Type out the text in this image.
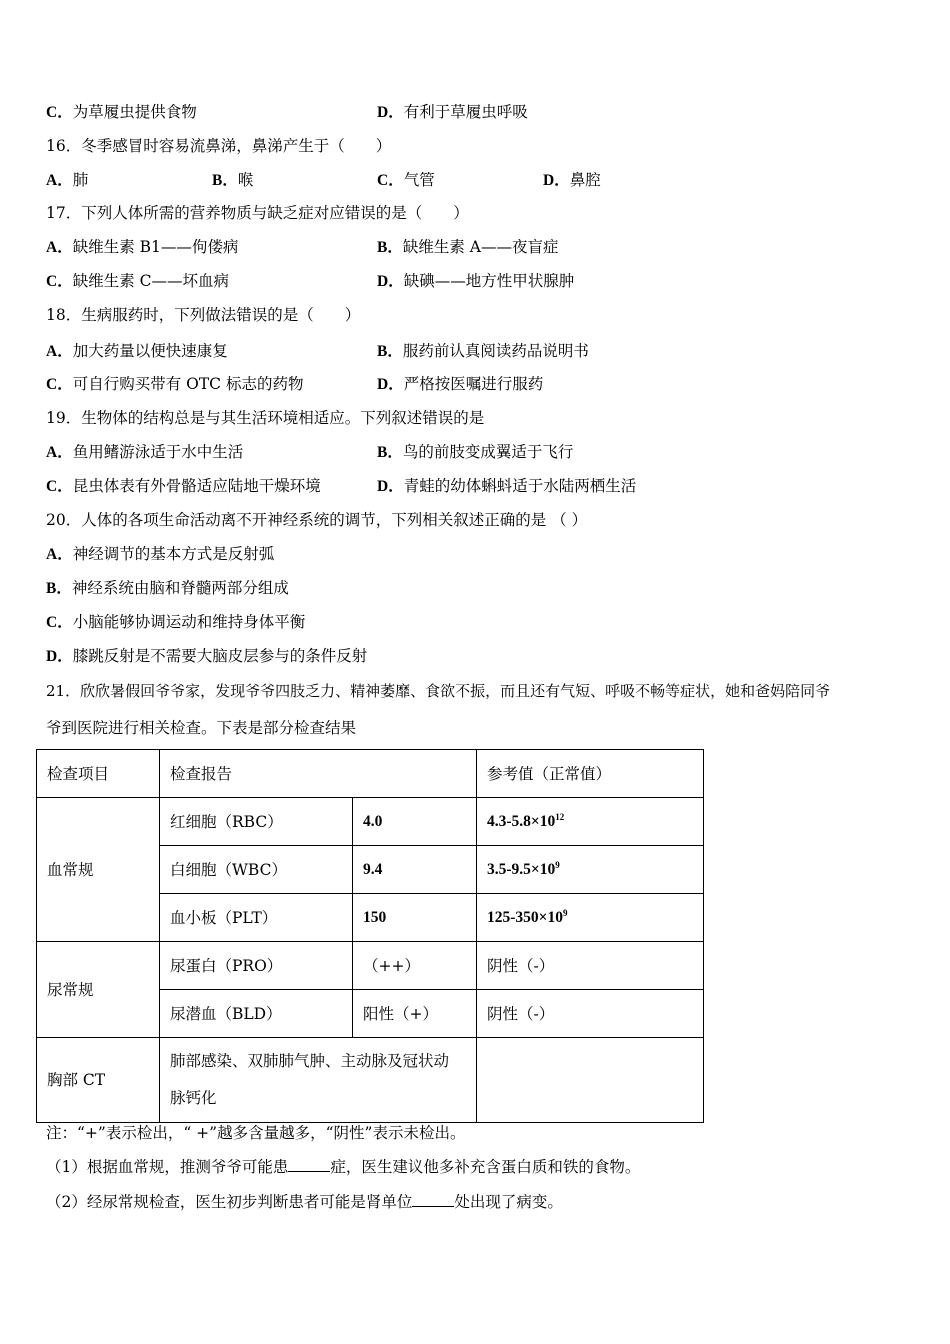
C．为草履虫提供食物	D．有利于草履虫呼吸
16．冬季感冒时容易流鼻涕，鼻涕产生于（　　）
A．肺	B．喉	C．气管	D．鼻腔
17．下列人体所需的营养物质与缺乏症对应错误的是（　　）
A．缺维生素 B1——佝偻病	B．缺维生素 A——夜盲症
C．缺维生素 C——坏血病	D．缺碘——地方性甲状腺肿
18．生病服药时，下列做法错误的是（　　）
A．加大药量以便快速康复	B．服药前认真阅读药品说明书
C．可自行购买带有 OTC 标志的药物	D．严格按医嘱进行服药
19．生物体的结构总是与其生活环境相适应。下列叙述错误的是
A．鱼用鳍游泳适于水中生活	B．鸟的前肢变成翼适于飞行
C．昆虫体表有外骨骼适应陆地干燥环境	D．青蛙的幼体蝌蚪适于水陆两栖生活
20．人体的各项生命活动离不开神经系统的调节，下列相关叙述正确的是 （ ）
A．神经调节的基本方式是反射弧
B．神经系统由脑和脊髓两部分组成
C．小脑能够协调运动和维持身体平衡
D．膝跳反射是不需要大脑皮层参与的条件反射
21．欣欣暑假回爷爷家，发现爷爷四肢乏力、精神萎靡、食欲不振，而且还有气短、呼吸不畅等症状，她和爸妈陪同爷
爷到医院进行相关检查。下表是部分检查结果
检查项目	检查报告		参考值（正常值）
血常规	红细胞（RBC）	4.0	$4.3-5.8\times 10^{12}$
	白细胞（WBC）	9.4	$3.5-9.5\times 10^9$
	血小板（PLT）	150	$125-350\times 10^9$
尿常规	尿蛋白（PRO）	（++）	阴性（-）
	尿潜血（BLD）	阳性（+）	阴性（-）
胸部 CT	肺部感染、双肺肺气肿、主动脉及冠状动
脉钙化		

注：“+”表示检出，“ +”越多含量越多，“阴性”表示未检出。
（1）根据血常规，推测爷爷可能患	症，医生建议他多补充含蛋白质和铁的食物。
（2）经尿常规检查，医生初步判断患者可能是肾单位	处出现了病变。
